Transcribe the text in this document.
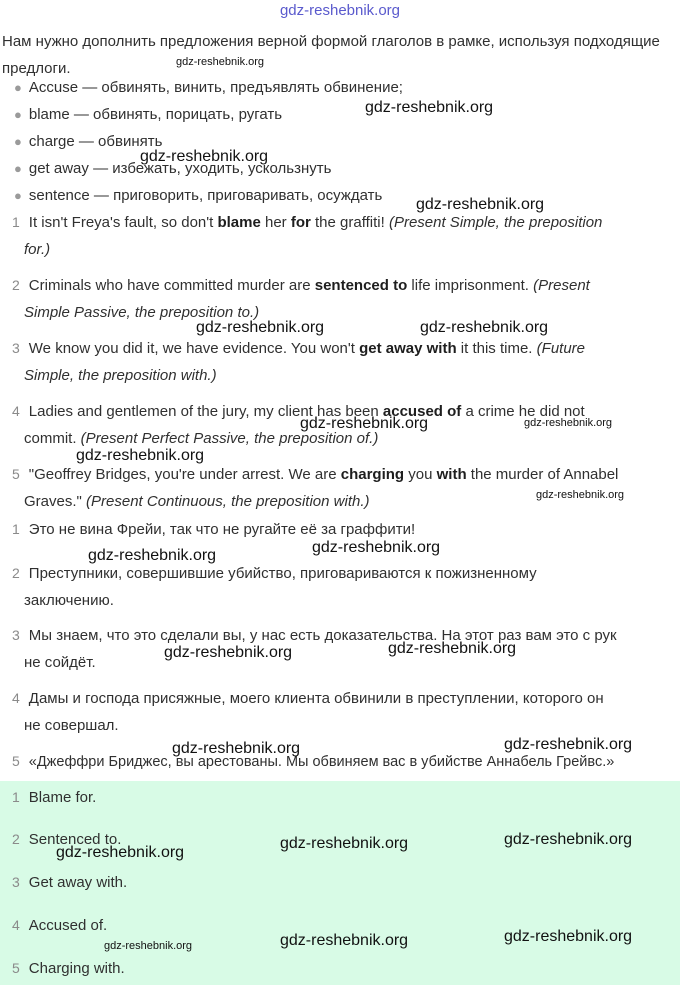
gdz-reshebnik.org
Нам нужно дополнить предложения верной формой глаголов в рамке, используя подходящие предлоги.
● Accuse — обвинять, винить, предъявлять обвинение;
● blame — обвинять, порицать, ругать
● charge — обвинять
● get away — избежать, уходить, ускользнуть
● sentence — приговорить, приговаривать, осуждать
1 It isn't Freya's fault, so don't blame her for the graffiti! (Present Simple, the preposition
for.)
2 Criminals who have committed murder are sentenced to life imprisonment. (Present
Simple Passive, the preposition to.)
3 We know you did it, we have evidence. You won't get away with it this time. (Future
Simple, the preposition with.)
4 Ladies and gentlemen of the jury, my client has been accused of a crime he did not
commit. (Present Perfect Passive, the preposition of.)
5 "Geoffrey Bridges, you're under arrest. We are charging you with the murder of Annabel
Graves." (Present Continuous, the preposition with.)
1 Это не вина Фрейи, так что не ругайте её за граффити!
2 Преступники, совершившие убийство, приговариваются к пожизненному
заключению.
3 Мы знаем, что это сделали вы, у нас есть доказательства. На этот раз вам это с рук
не сойдёт.
4 Дамы и господа присяжные, моего клиента обвинили в преступлении, которого он
не совершал.
5 «Джеффри Бриджес, вы арестованы. Мы обвиняем вас в убийстве Аннабель Грейвс.»
1 Blame for.
2 Sentenced to.
3 Get away with.
4 Accused of.
5 Charging with.
gdz-reshebnik.org
gdz-reshebnik.org
gdz-reshebnik.org
gdz-reshebnik.org
gdz-reshebnik.org	gdz-reshebnik.org
gdz-reshebnik.org	gdz-reshebnik.org
gdz-reshebnik.org
gdz-reshebnik.org
gdz-reshebnik.org
gdz-reshebnik.org
gdz-reshebnik.org
gdz-reshebnik.org
gdz-reshebnik.org
gdz-reshebnik.org
gdz-reshebnik.org
gdz-reshebnik.org
gdz-reshebnik.org
gdz-reshebnik.org
gdz-reshebnik.org
gdz-reshebnik.org
